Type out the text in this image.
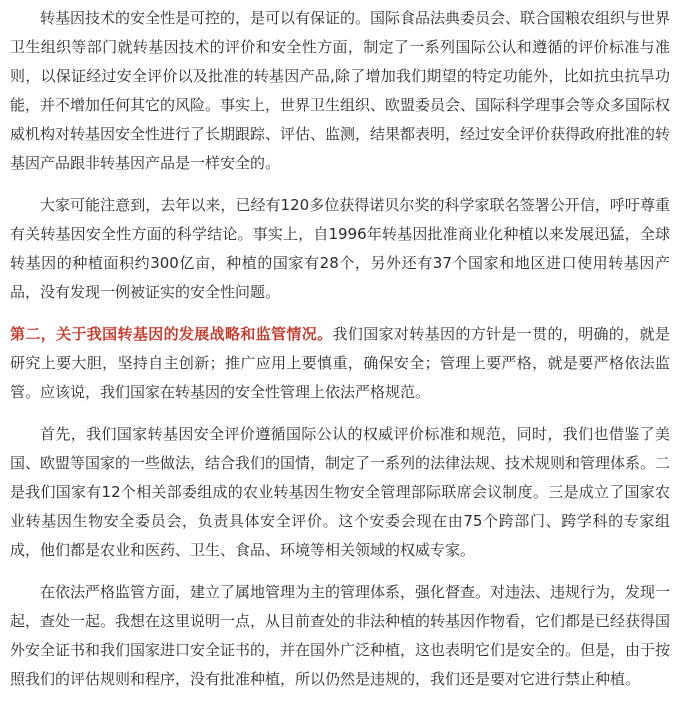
转基因技术的安全性是可控的，是可以有保证的。国际食品法典委员会、联合国粮农组织与世界卫生组织等部门就转基因技术的评价和安全性方面，制定了一系列国际公认和遵循的评价标准与准则，以保证经过安全评价以及批准的转基因产品,除了增加我们期望的特定功能外，比如抗虫抗旱功能，并不增加任何其它的风险。事实上，世界卫生组织、欧盟委员会、国际科学理事会等众多国际权威机构对转基因安全性进行了长期跟踪、评估、监测，结果都表明，经过安全评价获得政府批准的转基因产品跟非转基因产品是一样安全的。

大家可能注意到，去年以来，已经有120多位获得诺贝尔奖的科学家联名签署公开信，呼吁尊重有关转基因安全性方面的科学结论。事实上，自1996年转基因批准商业化种植以来发展迅猛，全球转基因的种植面积约300亿亩，种植的国家有28个，另外还有37个国家和地区进口使用转基因产品，没有发现一例被证实的安全性问题。

第二，关于我国转基因的发展战略和监管情况。我们国家对转基因的方针是一贯的，明确的，就是研究上要大胆，坚持自主创新；推广应用上要慎重，确保安全；管理上要严格，就是要严格依法监管。应该说，我们国家在转基因的安全性管理上依法严格规范。

首先，我们国家转基因安全评价遵循国际公认的权威评价标准和规范，同时，我们也借鉴了美国、欧盟等国家的一些做法，结合我们的国情，制定了一系列的法律法规、技术规则和管理体系。二是我们国家有12个相关部委组成的农业转基因生物安全管理部际联席会议制度。三是成立了国家农业转基因生物安全委员会，负责具体安全评价。这个安委会现在由75个跨部门、跨学科的专家组成，他们都是农业和医药、卫生、食品、环境等相关领域的权威专家。

在依法严格监管方面，建立了属地管理为主的管理体系，强化督查。对违法、违规行为，发现一起，查处一起。我想在这里说明一点，从目前查处的非法种植的转基因作物看，它们都是已经获得国外安全证书和我们国家进口安全证书的，并在国外广泛种植，这也表明它们是安全的。但是，由于按照我们的评估规则和程序，没有批准种植，所以仍然是违规的，我们还是要对它进行禁止种植。
